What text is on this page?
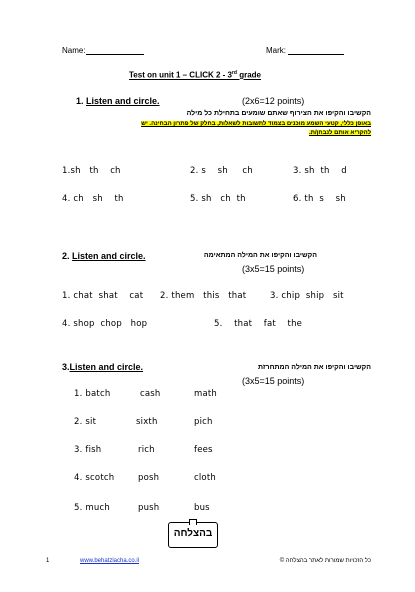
Name:	Mark:
Test on unit 1 – CLICK 2 - 3rd grade
1. Listen and circle.	(2x6=12 points)
הקשיבו והקיפו את הצירוף שאתם שומעים בתחילת כל מילה
באופן כללי, קטעי השמע מוכנים בצמוד לתשובות לשאלות, בחלק של פתרון הבחינה. יש
להקריא אותם לנבחן/ת.
1.sh th ch	2. s sh ch	3. sh th d
4. ch sh th	5. sh ch th	6. th s sh
2. Listen and circle.	הקשיבו והקיפו את המילה המתאימה
(3x5=15 points)
1. chat shat cat 2. them this that	3. chip ship sit
4. shop chop hop	5. that fat the
3.Listen and circle.	הקשיבו והקיפו את המילה המתחרזת
(3x5=15 points)
1. batch	cash	math
2. sit	sixth	pich
3. fish	rich	fees
4. scotch	posh	cloth
5. much	push	bus
בהצלחה
1	www.behatzlacha.co.il	כל הזכויות שמורות לאתר בהצלחה ©
